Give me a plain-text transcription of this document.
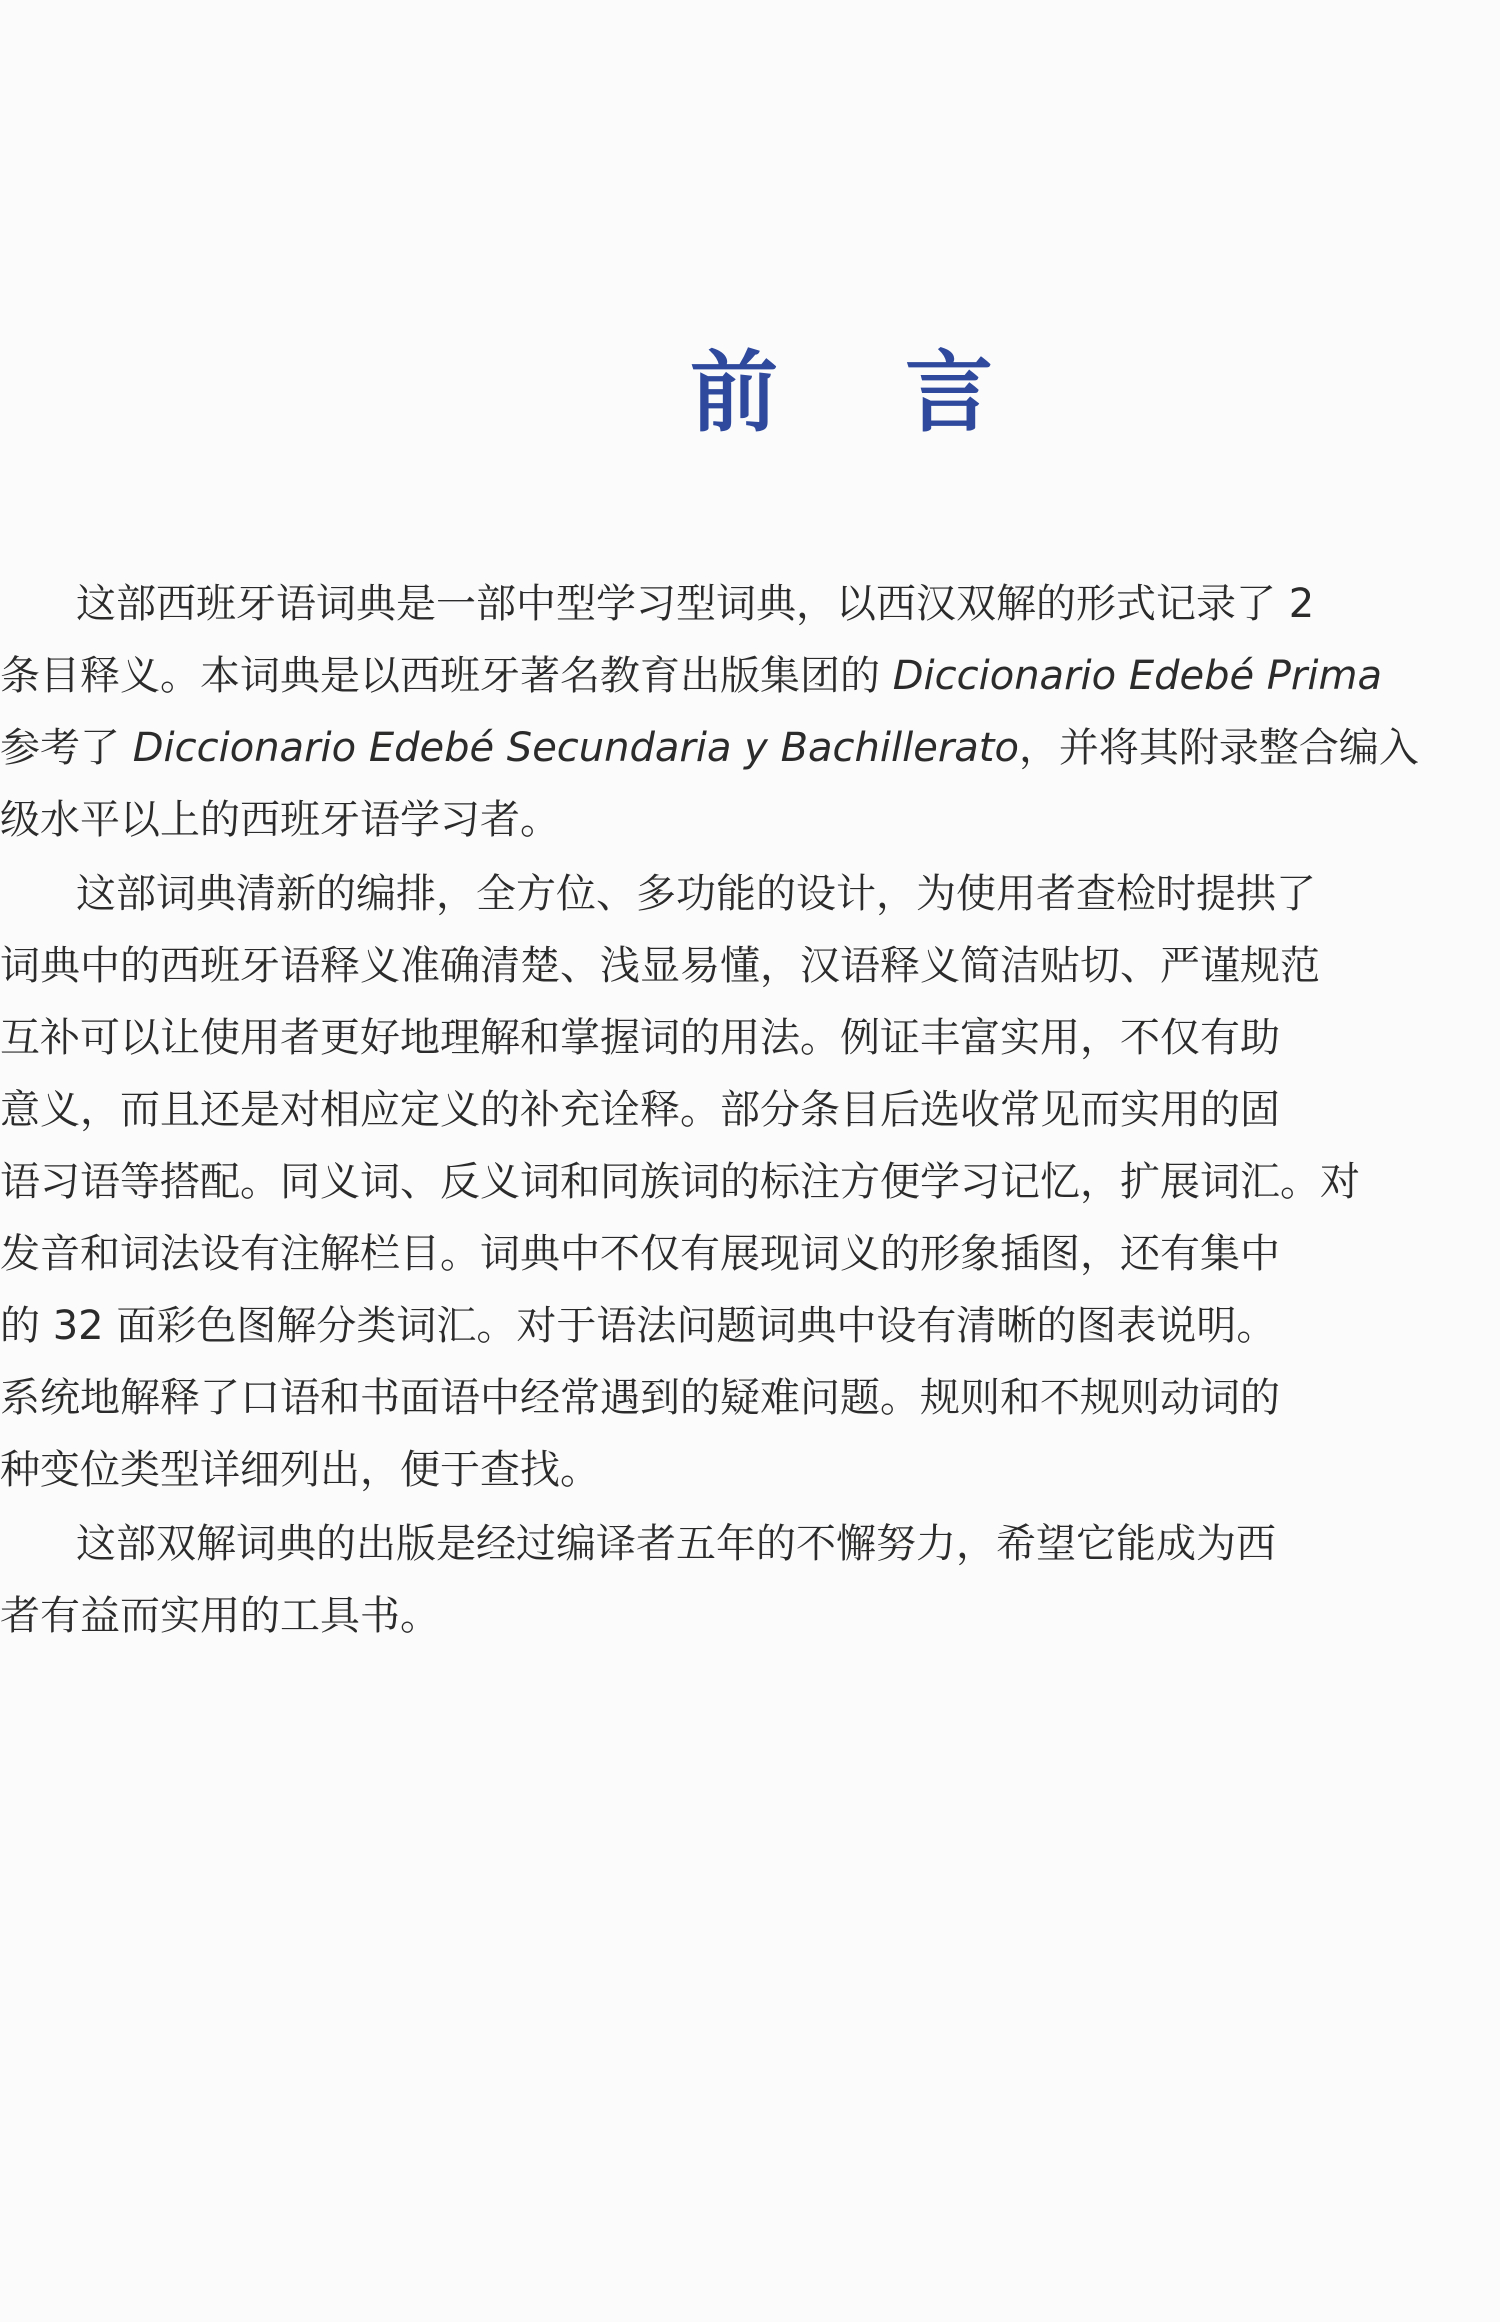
前 言
这部西班牙语词典是一部中型学习型词典，以西汉双解的形式记录了 2
条目释义。本词典是以西班牙著名教育出版集团的 Diccionario Edebé Prima
参考了 Diccionario Edebé Secundaria y Bachillerato，并将其附录整合编入
级水平以上的西班牙语学习者。
这部词典清新的编排，全方位、多功能的设计，为使用者查检时提拱了
词典中的西班牙语释义准确清楚、浅显易懂，汉语释义简洁贴切、严谨规范
互补可以让使用者更好地理解和掌握词的用法。例证丰富实用，不仅有助
意义，而且还是对相应定义的补充诠释。部分条目后选收常见而实用的固
语习语等搭配。同义词、反义词和同族词的标注方便学习记忆，扩展词汇。对
发音和词法设有注解栏目。词典中不仅有展现词义的形象插图，还有集中
的 32 面彩色图解分类词汇。对于语法问题词典中设有清晰的图表说明。
系统地解释了口语和书面语中经常遇到的疑难问题。规则和不规则动词的
种变位类型详细列出，便于查找。
这部双解词典的出版是经过编译者五年的不懈努力，希望它能成为西
者有益而实用的工具书。
